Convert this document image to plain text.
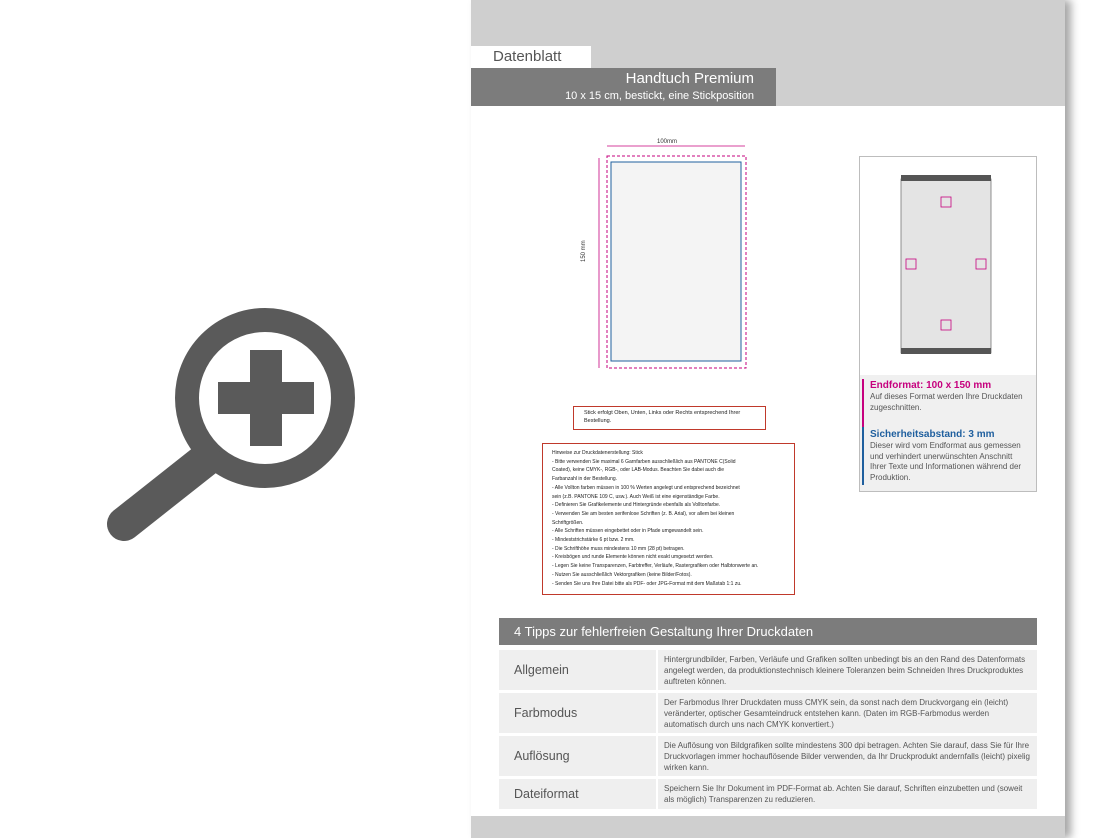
Datenblatt
Handtuch Premium
10 x 15 cm, bestickt, eine Stickposition
100mm
150 mm
Endformat: 100 x 150 mm
Auf dieses Format werden Ihre Druckdaten zugeschnitten.
Sicherheitsabstand: 3 mm
Dieser wird vom Endformat aus gemessen und verhindert unerwünschten Anschnitt Ihrer Texte und Informationen während der Produktion.
Stick erfolgt Oben, Unten, Links oder Rechts entsprechend Ihrer Bestellung.
Hinweise zur Druckdatenerstellung: Stick
- Bitte verwenden Sie maximal 6 Garnfarben ausschließlich aus PANTONE C(Solid
Coated), keine CMYK-, RGB-, oder LAB-Modus. Beachten Sie dabei auch die
Farbanzahl in der Bestellung.
- Alle Vollton farben müssen in 100 % Werten angelegt und entsprechend bezeichnet
sein (z.B. PANTONE 109 C, usw.). Auch Weiß ist eine eigenständige Farbe.
- Definieren Sie Grafikelemente und Hintergründe ebenfalls als Volltonfarbe.
- Verwenden Sie am besten serifenlose Schriften (z. B. Arial), vor allem bei kleinen
Schriftgrößen.
- Alle Schriften müssen eingebettet oder in Pfade umgewandelt sein.
- Mindeststrichstärke 6 pt bzw. 2 mm.
- Die Schrifthöhe muss mindestens 10 mm (28 pt) betragen.
- Kreisbögen und runde Elemente können nicht exakt umgesetzt werden.
- Legen Sie keine Transparenzen, Farbtreffer, Verläufe, Rastergrafiken oder Halbtonwerte an.
- Nutzen Sie ausschließlich Vektorgrafiken (keine Bilder/Fotos).
- Senden Sie uns Ihre Datei bitte als PDF- oder JPG-Format mit dem Maßstab 1:1 zu.
4 Tipps zur fehlerfreien Gestaltung Ihrer Druckdaten
Allgemein
Hintergrundbilder, Farben, Verläufe und Grafiken sollten unbedingt bis an den Rand des Datenformats angelegt werden, da produktionstechnisch kleinere Toleranzen beim Schneiden Ihres Druckproduktes auftreten können.
Farbmodus
Der Farbmodus Ihrer Druckdaten muss CMYK sein, da sonst nach dem Druckvorgang ein (leicht) veränderter, optischer Gesamteindruck entstehen kann. (Daten im RGB-Farbmodus werden automatisch durch uns nach CMYK konvertiert.)
Auflösung
Die Auflösung von Bildgrafiken sollte mindestens 300 dpi betragen. Achten Sie darauf, dass Sie für Ihre Druckvorlagen immer hochauflösende Bilder verwenden, da Ihr Druckprodukt andernfalls (leicht) pixelig wirken kann.
Dateiformat	Speichern Sie Ihr Dokument im PDF-Format ab. Achten Sie darauf, Schriften einzubetten und (soweit als möglich) Transparenzen zu reduzieren.
